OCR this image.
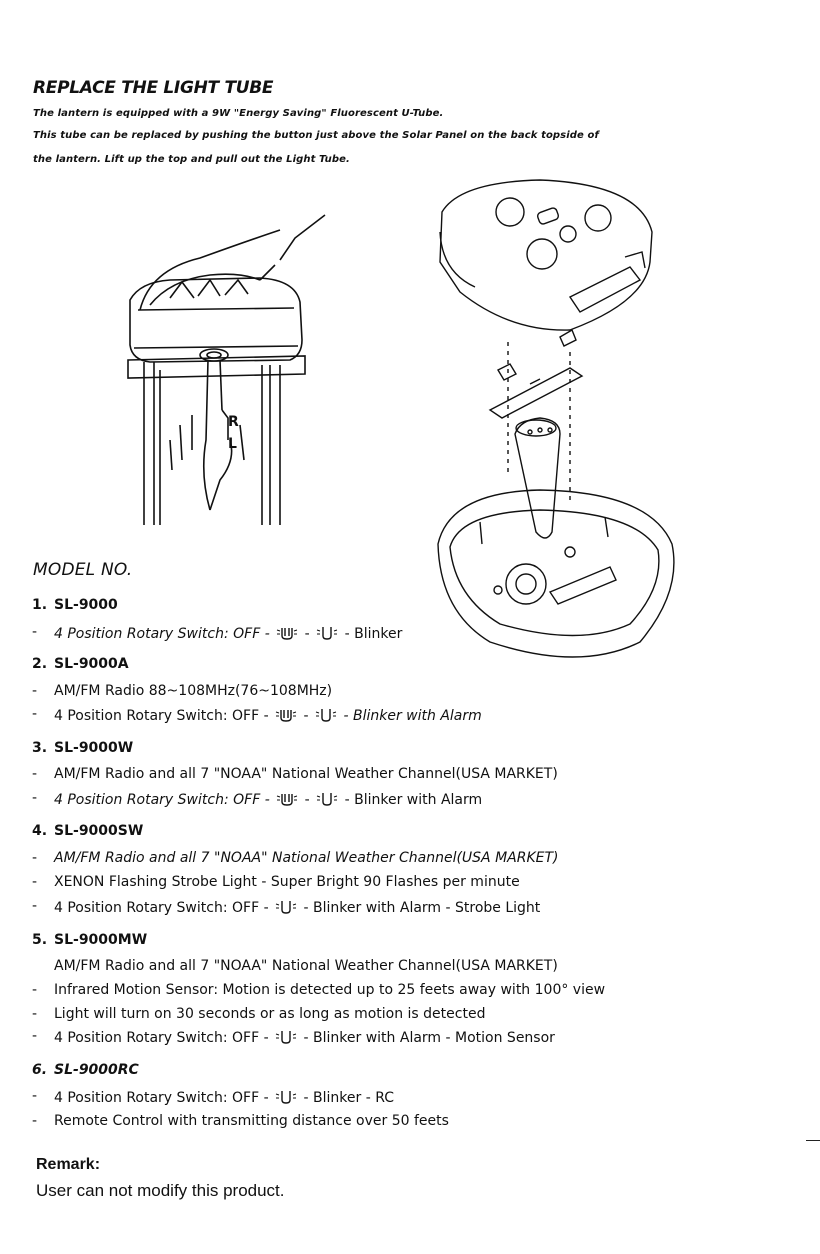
REPLACE THE LIGHT TUBE
The lantern is equipped with a 9W "Energy Saving" Fluorescent U-Tube.
This tube can be replaced by pushing the button just above the Solar Panel on the back topside of
the lantern. Lift up the top and pull out the Light Tube.
R
L
MODEL NO.
1. SL-9000
- 4 Position Rotary Switch: OFF - - - Blinker
2. SL-9000A
- AM/FM Radio 88~108MHz(76~108MHz)
- 4 Position Rotary Switch: OFF - - - Blinker with Alarm
3. SL-9000W
- AM/FM Radio and all 7 "NOAA" National Weather Channel(USA MARKET)
- 4 Position Rotary Switch: OFF - - - Blinker with Alarm
4. SL-9000SW
- AM/FM Radio and all 7 "NOAA" National Weather Channel(USA MARKET)
- XENON Flashing Strobe Light - Super Bright 90 Flashes per minute
- 4 Position Rotary Switch: OFF - - Blinker with Alarm - Strobe Light
5. SL-9000MW
AM/FM Radio and all 7 "NOAA" National Weather Channel(USA MARKET)
- Infrared Motion Sensor: Motion is detected up to 25 feets away with 100° view
- Light will turn on 30 seconds or as long as motion is detected
- 4 Position Rotary Switch: OFF - - Blinker with Alarm - Motion Sensor
6. SL-9000RC
- 4 Position Rotary Switch: OFF - - Blinker - RC
- Remote Control with transmitting distance over 50 feets
Remark:
User can not modify this product.
